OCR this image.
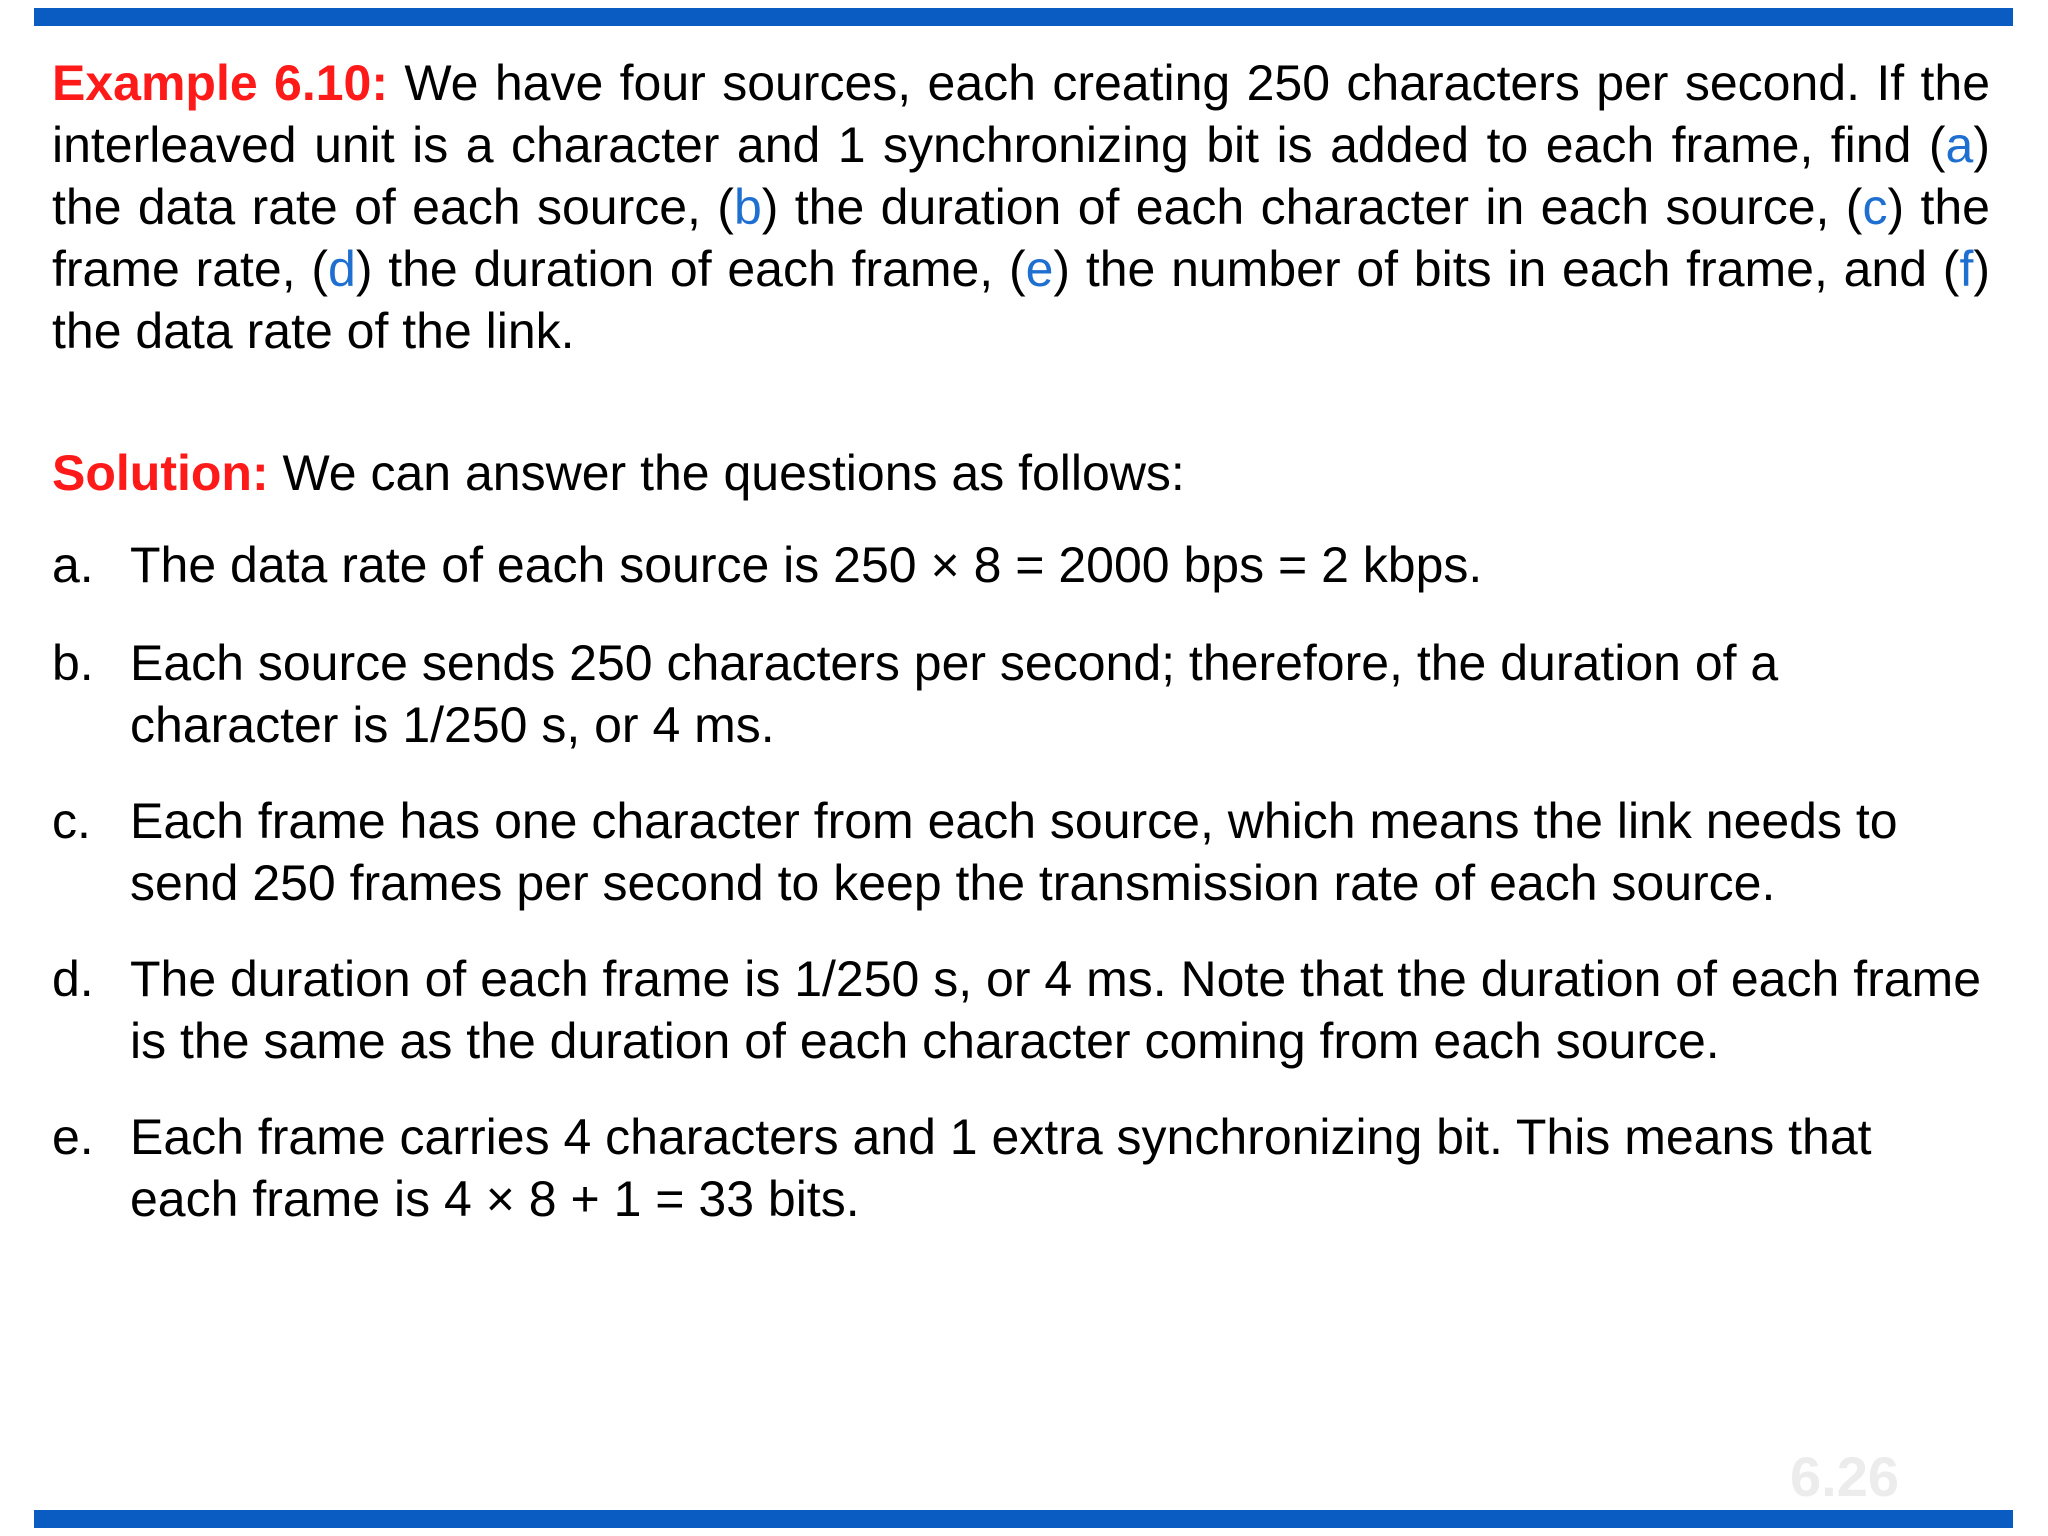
Example 6.10: We have four sources, each creating 250 characters per second. If the interleaved unit is a character and 1 synchronizing bit is added to each frame, find (a) the data rate of each source, (b) the duration of each character in each source, (c) the frame rate, (d) the duration of each frame, (e) the number of bits in each frame, and (f) the data rate of the link.

Solution: We can answer the questions as follows:

a. The data rate of each source is 250 × 8 = 2000 bps = 2 kbps.
b. Each source sends 250 characters per second; therefore, the duration of a character is 1/250 s, or 4 ms.
c. Each frame has one character from each source, which means the link needs to send 250 frames per second to keep the transmission rate of each source.
d. The duration of each frame is 1/250 s, or 4 ms. Note that the duration of each frame is the same as the duration of each character coming from each source.
e. Each frame carries 4 characters and 1 extra synchronizing bit. This means that each frame is 4 × 8 + 1 = 33 bits.
6.26
